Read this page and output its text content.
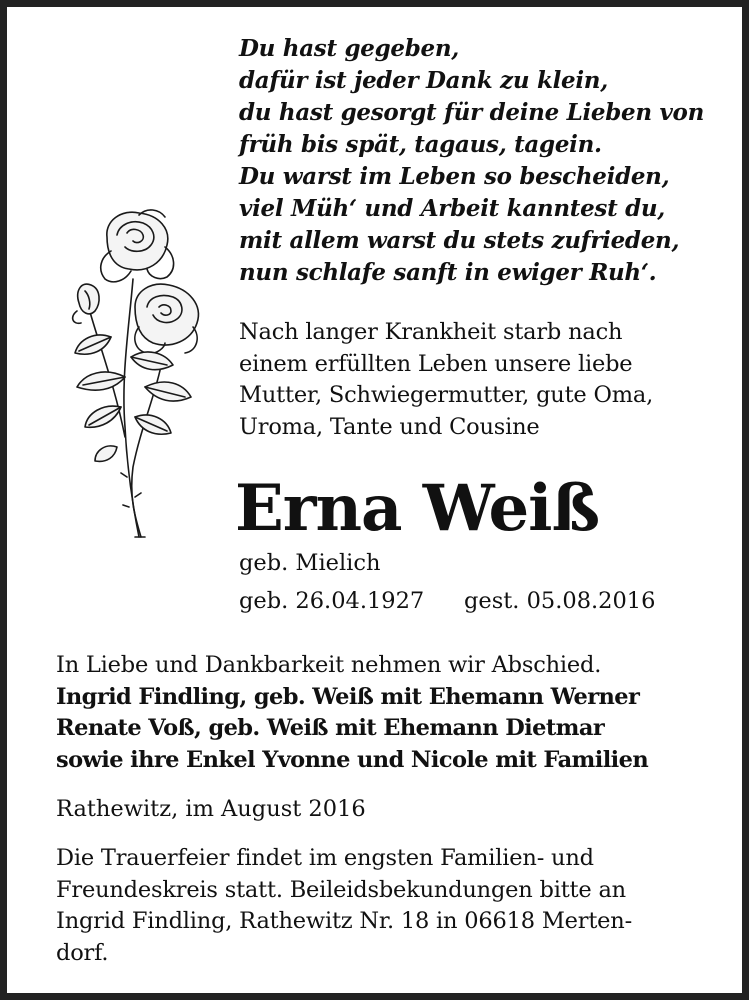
Du hast gegeben,
dafür ist jeder Dank zu klein,
du hast gesorgt für deine Lieben von
früh bis spät, tagaus, tagein.
Du warst im Leben so bescheiden,
viel Müh‘ und Arbeit kanntest du,
mit allem warst du stets zufrieden,
nun schlafe sanft in ewiger Ruh‘.
Nach langer Krankheit starb nach
einem erfüllten Leben unsere liebe
Mutter, Schwiegermutter, gute Oma,
Uroma, Tante und Cousine
Erna Weiß
geb. Mielich
geb. 26.04.1927 gest. 05.08.2016
In Liebe und Dankbarkeit nehmen wir Abschied.
Ingrid Findling, geb. Weiß mit Ehemann Werner
Renate Voß, geb. Weiß mit Ehemann Dietmar
sowie ihre Enkel Yvonne und Nicole mit Familien
Rathewitz, im August 2016
Die Trauerfeier findet im engsten Familien- und
Freundeskreis statt. Beileidsbekundungen bitte an
Ingrid Findling, Rathewitz Nr. 18 in 06618 Merten-
dorf.
